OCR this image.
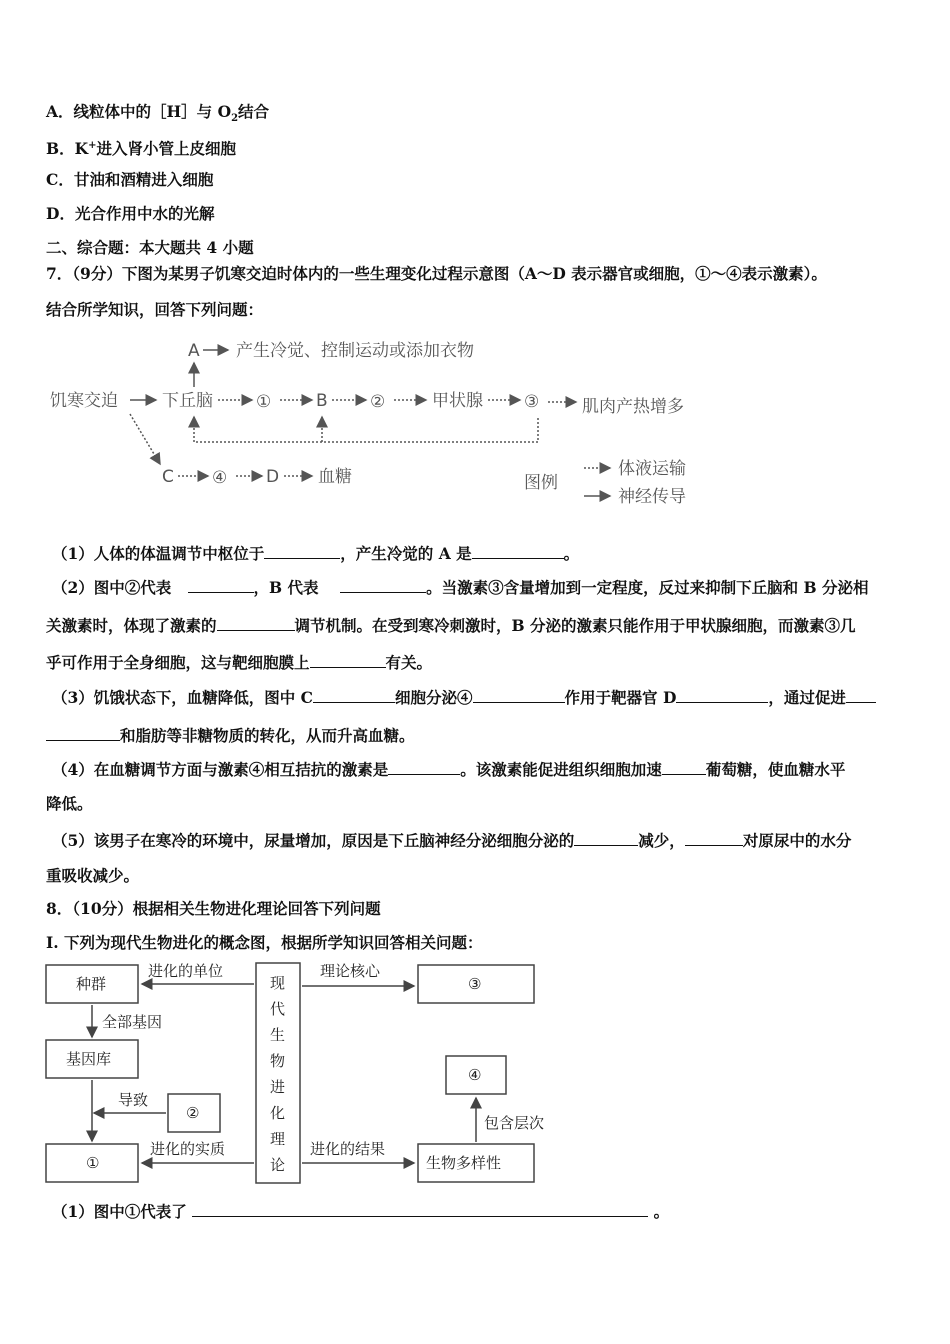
A．线粒体中的［H］与 $O_2$结合
B．K+进入肾小管上皮细胞
C．甘油和酒精进入细胞
D．光合作用中水的光解
二、综合题：本大题共 4 小题
7．（9分）下图为某男子饥寒交迫时体内的一些生理变化过程示意图（A～D 表示器官或细胞，①～④表示激素）。
结合所学知识，回答下列问题：
A 产生冷觉、控制运动或添加衣物
饥寒交迫	下丘脑	①	B ②	甲状腺 ③	肌肉产热增多
C ④ D 血糖	图例
体液运输
神经传导
（1）人体的体温调节中枢位于	，产生冷觉的 A 是	。
（2）图中②代表	，B 代表	。当激素③含量增加到一定程度，反过来抑制下丘脑和 B 分泌相
关激素时，体现了激素的	调节机制。在受到寒冷刺激时，B 分泌的激素只能作用于甲状腺细胞，而激素③几
乎可作用于全身细胞，这与靶细胞膜上	有关。
（3）饥饿状态下，血糖降低，图中 C	细胞分泌④	作用于靶器官 D	，通过促进
和脂肪等非糖物质的转化，从而升高血糖。
（4）在血糖调节方面与激素④相互拮抗的激素是	。该激素能促进组织细胞加速	葡萄糖，使血糖水平
降低。
（5）该男子在寒冷的环境中，尿量增加，原因是下丘脑神经分泌细胞分泌的	减少，	对原尿中的水分
重吸收减少。
8．（10分）根据相关生物进化理论回答下列问题
I. 下列为现代生物进化的概念图，根据所学知识回答相关问题：
种群
基因库
②
①
现
代
生
物
进
化
理
论
③
④
生物多样性
进化的单位
全部基因
导致
进化的实质
理论核心
进化的结果
包含层次
（1）图中①代表了	。
